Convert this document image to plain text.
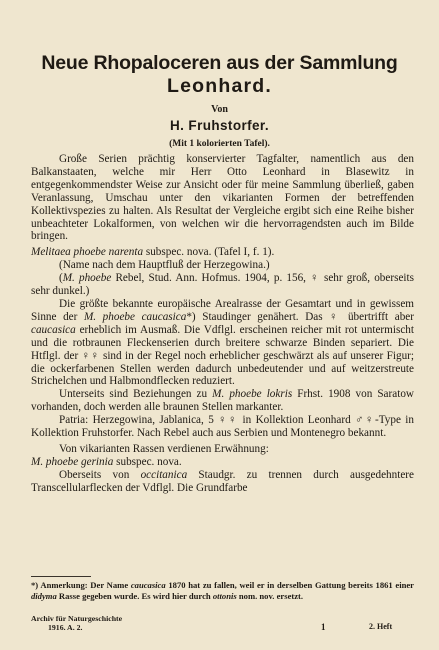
Neue Rhopaloceren aus der Sammlung
Leonhard.
Von
H. Fruhstorfer.
(Mit 1 kolorierten Tafel).

Große Serien prächtig konservierter Tagfalter, namentlich aus den Balkanstaaten, welche mir Herr Otto Leonhard in Blasewitz in entgegenkommendster Weise zur Ansicht oder für meine Sammlung überließ, gaben Veranlassung, Umschau unter den vikarianten Formen der betreffenden Kollektivspezies zu halten. Als Resultat der Vergleiche ergibt sich eine Reihe bisher unbeachteter Lokalformen, von welchen wir die hervorragendsten auch im Bilde bringen.

Melitaea phoebe narenta subspec. nova. (Tafel I, f. 1).

(Name nach dem Hauptfluß der Herzegowina.)

(M. phoebe Rebel, Stud. Ann. Hofmus. 1904, p. 156, ♀ sehr groß, oberseits sehr dunkel.)

Die größte bekannte europäische Arealrasse der Gesamtart und in gewissem Sinne der M. phoebe caucasica*) Staudinger genähert. Das ♀ übertrifft aber caucasica erheblich im Ausmaß. Die Vdflgl. erscheinen reicher mit rot untermischt und die rotbraunen Fleckenserien durch breitere schwarze Binden separiert. Die Htflgl. der ♀♀ sind in der Regel noch erheblicher geschwärzt als auf unserer Figur; die ockerfarbenen Stellen werden dadurch unbedeutender und auf weitzerstreute Strichelchen und Halbmondflecken reduziert.

Unterseits sind Beziehungen zu M. phoebe lokris Frhst. 1908 von Saratow vorhanden, doch werden alle braunen Stellen markanter.

Patria: Herzegowina, Jablanica, 5 ♀♀ in Kollektion Leonhard ♂♀-Type in Kollektion Fruhstorfer. Nach Rebel auch aus Serbien und Montenegro bekannt.

Von vikarianten Rassen verdienen Erwähnung:

M. phoebe gerinia subspec. nova.

Oberseits von occitanica Staudgr. zu trennen durch ausgedehntere Transcellularflecken der Vdflgl. Die Grundfarbe

*) Anmerkung: Der Name caucasica 1870 hat zu fallen, weil er in derselben Gattung bereits 1861 einer didyma Rasse gegeben wurde. Es wird hier durch ottonis nom. nov. ersetzt.
Archiv für Naturgeschichte
1916. A. 2.	1	2. Heft
